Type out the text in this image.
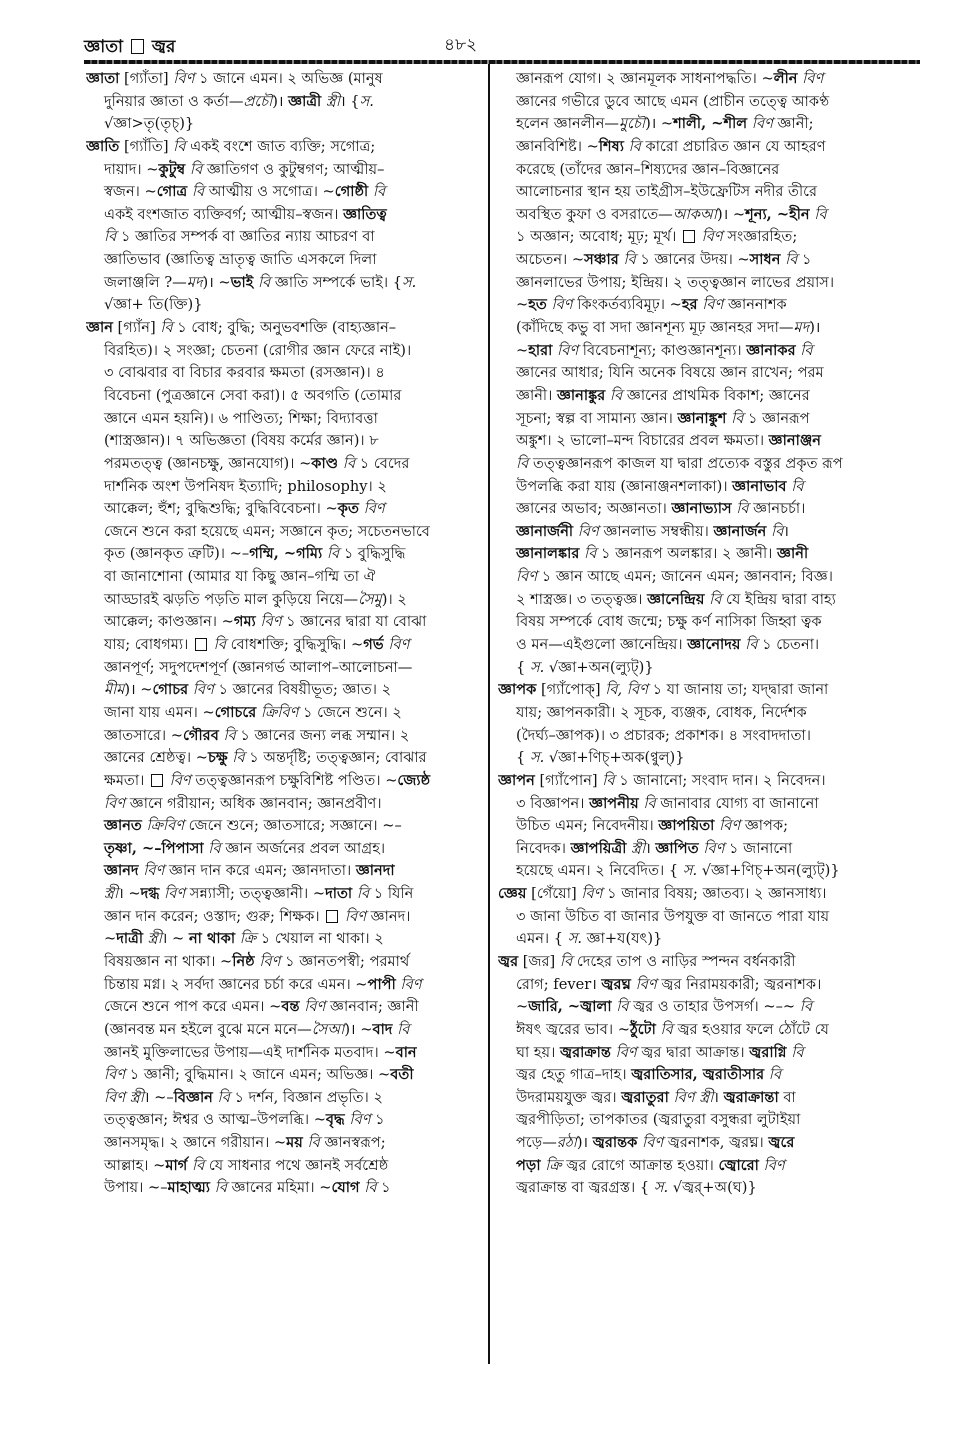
জ্ঞাতা জ্বর	৪৮২
জ্ঞাতা [গ্যাঁতা] বিণ ১ জানে এমন। ২ অভিজ্ঞ (মানুষ
দুনিয়ার জ্ঞাতা ও কর্তা—প্রচৌ)। জ্ঞাত্রী স্ত্রী। {স.
√জ্ঞা>তৃ(তৃচ্)}
জ্ঞাতি [গ্যাঁতি] বি একই বংশে জাত ব্যক্তি; সগোত্র;
দায়াদ। ~কুটুম্ব বি জ্ঞাতিগণ ও কুটুম্বগণ; আত্মীয়–
স্বজন। ~গোত্র বি আত্মীয় ও সগোত্র। ~গোষ্ঠী বি
একই বংশজাত ব্যক্তিবর্গ; আত্মীয়–স্বজন। জ্ঞাতিত্ব
বি ১ জ্ঞাতির সম্পর্ক বা জ্ঞাতির ন্যায় আচরণ বা
জ্ঞাতিভাব (জ্ঞাতিত্ব ভ্রাতৃত্ব জাতি এসকলে দিলা
জলাঞ্জলি ?—মদ)। ~ভাই বি জ্ঞাতি সম্পর্কে ভাই। {স.
√জ্ঞা+ তি(ক্তি)}
জ্ঞান [গ্যাঁন] বি ১ বোধ; বুদ্ধি; অনুভবশক্তি (বাহ্যজ্ঞান–
বিরহিত)। ২ সংজ্ঞা; চেতনা (রোগীর জ্ঞান ফেরে নাই)।
৩ বোঝবার বা বিচার করবার ক্ষমতা (রসজ্ঞান)। ৪
বিবেচনা (পুত্রজ্ঞানে সেবা করা)। ৫ অবগতি (তোমার
জ্ঞানে এমন হয়নি)। ৬ পাণ্ডিত্য; শিক্ষা; বিদ্যাবত্তা
(শাস্ত্রজ্ঞান)। ৭ অভিজ্ঞতা (বিষয় কর্মের জ্ঞান)। ৮
পরমতত্ত্ব (জ্ঞানচক্ষু, জ্ঞানযোগ)। ~কাণ্ড বি ১ বেদের
দার্শনিক অংশ উপনিষদ ইত্যাদি; philosophy। ২
আক্কেল; হুঁশ; বুদ্ধিশুদ্ধি; বুদ্ধিবিবেচনা। ~কৃত বিণ
জেনে শুনে করা হয়েছে এমন; সজ্ঞানে কৃত; সচেতনভাবে
কৃত (জ্ঞানকৃত ত্রুটি)। ~–গম্মি, ~গম্যি বি ১ বুদ্ধিসুদ্ধি
বা জানাশোনা (আমার যা কিছু জ্ঞান–গম্মি তা ঐ
আড্ডারই ঝড়তি পড়তি মাল কুড়িয়ে নিয়ে—সৈমু)। ২
আক্কেল; কাণ্ডজ্ঞান। ~গম্য বিণ ১ জ্ঞানের দ্বারা যা বোঝা
যায়; বোধগম্য।  বি বোধশক্তি; বুদ্ধিসুদ্ধি। ~গর্ভ বিণ
জ্ঞানপূর্ণ; সদুপদেশপূর্ণ (জ্ঞানগর্ভ আলাপ–আলোচনা—
মীম)। ~গোচর বিণ ১ জ্ঞানের বিষয়ীভূত; জ্ঞাত। ২
জানা যায় এমন। ~গোচরে ক্রিবিণ ১ জেনে শুনে। ২
জ্ঞাতসারে। ~গৌরব বি ১ জ্ঞানের জন্য লব্ধ সম্মান। ২
জ্ঞানের শ্রেষ্ঠত্ব। ~চক্ষু বি ১ অন্তর্দৃষ্টি; তত্ত্বজ্ঞান; বোঝার
ক্ষমতা।  বিণ তত্ত্বজ্ঞানরূপ চক্ষুবিশিষ্ট পণ্ডিত। ~জ্যেষ্ঠ
বিণ জ্ঞানে গরীয়ান; অধিক জ্ঞানবান; জ্ঞানপ্রবীণ।
জ্ঞানত ক্রিবিণ জেনে শুনে; জ্ঞাতসারে; সজ্ঞানে। ~–
তৃষ্ণা, ~–পিপাসা বি জ্ঞান অর্জনের প্রবল আগ্রহ।
জ্ঞানদ বিণ জ্ঞান দান করে এমন; জ্ঞানদাতা। জ্ঞানদা
স্ত্রী। ~দগ্ধ বিণ সন্ন্যাসী; তত্ত্বজ্ঞানী। ~দাতা বি ১ যিনি
জ্ঞান দান করেন; ওস্তাদ; গুরু; শিক্ষক।  বিণ জ্ঞানদ।
~দাত্রী স্ত্রী। ~ না থাকা ক্রি ১ খেয়াল না থাকা। ২
বিষয়জ্ঞান না থাকা। ~নিষ্ঠ বিণ ১ জ্ঞানতপস্বী; পরমার্থ
চিন্তায় মগ্ন। ২ সর্বদা জ্ঞানের চর্চা করে এমন। ~পাপী বিণ
জেনে শুনে পাপ করে এমন। ~বন্ত বিণ জ্ঞানবান; জ্ঞানী
(জ্ঞানবন্ত মন হইলে বুঝে মনে মনে—সৈআ)। ~বাদ বি
জ্ঞানই মুক্তিলাভের উপায়—এই দার্শনিক মতবাদ। ~বান
বিণ ১ জ্ঞানী; বুদ্ধিমান। ২ জানে এমন; অভিজ্ঞ। ~বতী
বিণ স্ত্রী। ~–বিজ্ঞান বি ১ দর্শন, বিজ্ঞান প্রভৃতি। ২
তত্ত্বজ্ঞান; ঈশ্বর ও আত্ম–উপলব্ধি। ~বৃদ্ধ বিণ ১
জ্ঞানসমৃদ্ধ। ২ জ্ঞানে গরীয়ান। ~ময় বি জ্ঞানস্বরূপ;
আল্লাহ। ~মার্গ বি যে সাধনার পথে জ্ঞানই সর্বশ্রেষ্ঠ
উপায়। ~–মাহাত্ম্য বি জ্ঞানের মহিমা। ~যোগ বি ১
জ্ঞানরূপ যোগ। ২ জ্ঞানমূলক সাধনাপদ্ধতি। ~লীন বিণ
জ্ঞানের গভীরে ডুবে আছে এমন (প্রাচীন তত্ত্বে আকণ্ঠ
হলেন জ্ঞানলীন—মুচৌ)। ~শালী, ~শীল বিণ জ্ঞানী;
জ্ঞানবিশিষ্ট। ~শিষ্য বি কারো প্রচারিত জ্ঞান যে আহরণ
করেছে (তাঁদের জ্ঞান–শিষ্যদের জ্ঞান–বিজ্ঞানের
আলোচনার স্থান হয় তাইগ্রীস–ইউফ্রেটিস নদীর তীরে
অবস্থিত কুফা ও বসরাতে—আকআ)। ~শূন্য, ~হীন বি
১ অজ্ঞান; অবোধ; মূঢ়; মূর্খ।  বিণ সংজ্ঞারহিত;
অচেতন। ~সঞ্চার বি ১ জ্ঞানের উদয়। ~সাধন বি ১
জ্ঞানলাভের উপায়; ইন্দ্রিয়। ২ তত্ত্বজ্ঞান লাভের প্রয়াস।
~হত বিণ কিংকর্তব্যবিমূঢ়। ~হর বিণ জ্ঞাননাশক
(কাঁদিছে কভু বা সদা জ্ঞানশূন্য মূঢ় জ্ঞানহর সদা—মদ)।
~হারা বিণ বিবেচনাশূন্য; কাণ্ডজ্ঞানশূন্য। জ্ঞানাকর বি
জ্ঞানের আধার; যিনি অনেক বিষয়ে জ্ঞান রাখেন; পরম
জ্ঞানী। জ্ঞানাঙ্কুর বি জ্ঞানের প্রাথমিক বিকাশ; জ্ঞানের
সূচনা; স্বল্প বা সামান্য জ্ঞান। জ্ঞানাঙ্কুশ বি ১ জ্ঞানরূপ
অঙ্কুশ। ২ ভালো–মন্দ বিচারের প্রবল ক্ষমতা। জ্ঞানাঞ্জন
বি তত্ত্বজ্ঞানরূপ কাজল যা দ্বারা প্রত্যেক বস্তুর প্রকৃত রূপ
উপলব্ধি করা যায় (জ্ঞানাঞ্জনশলাকা)। জ্ঞানাভাব বি
জ্ঞানের অভাব; অজ্ঞানতা। জ্ঞানাভ্যাস বি জ্ঞানচর্চা।
জ্ঞানার্জনী বিণ জ্ঞানলাভ সম্বন্ধীয়। জ্ঞানার্জন বি।
জ্ঞানালঙ্কার বি ১ জ্ঞানরূপ অলঙ্কার। ২ জ্ঞানী। জ্ঞানী
বিণ ১ জ্ঞান আছে এমন; জানেন এমন; জ্ঞানবান; বিজ্ঞ।
২ শাস্ত্রজ্ঞ। ৩ তত্ত্বজ্ঞ। জ্ঞানেন্দ্রিয় বি যে ইন্দ্রিয় দ্বারা বাহ্য
বিষয় সম্পর্কে বোধ জন্মে; চক্ষু কর্ণ নাসিকা জিহ্বা ত্বক
ও মন—এইগুলো জ্ঞানেন্দ্রিয়। জ্ঞানোদয় বি ১ চেতনা।
{ স. √জ্ঞা+অন(ল্যুট্)}
জ্ঞাপক [গ্যাঁপোক্] বি, বিণ ১ যা জানায় তা; যদ্দ্বারা জানা
যায়; জ্ঞাপনকারী। ২ সূচক, ব্যঞ্জক, বোধক, নির্দেশক
(দৈর্ঘ্য–জ্ঞাপক)। ৩ প্রচারক; প্রকাশক। ৪ সংবাদদাতা।
{ স. √জ্ঞা+ণিচ্+অক(ণ্বুল্)}
জ্ঞাপন [গ্যাঁপোন] বি ১ জানানো; সংবাদ দান। ২ নিবেদন।
৩ বিজ্ঞাপন। জ্ঞাপনীয় বি জানাবার যোগ্য বা জানানো
উচিত এমন; নিবেদনীয়। জ্ঞাপয়িতা বিণ জ্ঞাপক;
নিবেদক। জ্ঞাপয়িত্রী স্ত্রী। জ্ঞাপিত বিণ ১ জানানো
হয়েছে এমন। ২ নিবেদিত। { স. √জ্ঞা+ণিচ্+অন(ল্যুট্)}
জ্ঞেয় [গেঁয়ো] বিণ ১ জানার বিষয়; জ্ঞাতব্য। ২ জ্ঞানসাধ্য।
৩ জানা উচিত বা জানার উপযুক্ত বা জানতে পারা যায়
এমন। { স. জ্ঞা+য(যৎ)}
জ্বর [জর] বি দেহের তাপ ও নাড়ির স্পন্দন বর্ধনকারী
রোগ; fever। জ্বরঘ্ন বিণ জ্বর নিরাময়কারী; জ্বরনাশক।
~জারি, ~জ্বালা বি জ্বর ও তাহার উপসর্গ। ~–~ বি
ঈষৎ জ্বরের ভাব। ~ঠুঁটো বি জ্বর হওয়ার ফলে ঠোঁটে যে
ঘা হয়। জ্বরাক্রান্ত বিণ জ্বর দ্বারা আক্রান্ত। জ্বরাগ্নি বি
জ্বর হেতু গাত্র–দাহ। জ্বরাতিসার, জ্বরাতীসার বি
উদরাময়যুক্ত জ্বর। জ্বরাতুরা বিণ স্ত্রী। জ্বরাক্রান্তা বা
জ্বরপীড়িতা; তাপকাতর (জ্বরাতুরা বসুন্ধরা লুটাইয়া
পড়ে—রঠা)। জ্বরান্তক বিণ জ্বরনাশক, জ্বরঘ্ন। জ্বরে
পড়া ক্রি জ্বর রোগে আক্রান্ত হওয়া। জ্বোরো বিণ
জ্বরাক্রান্ত বা জ্বরগ্রস্ত। { স. √জ্বর্+অ(ঘ)}
